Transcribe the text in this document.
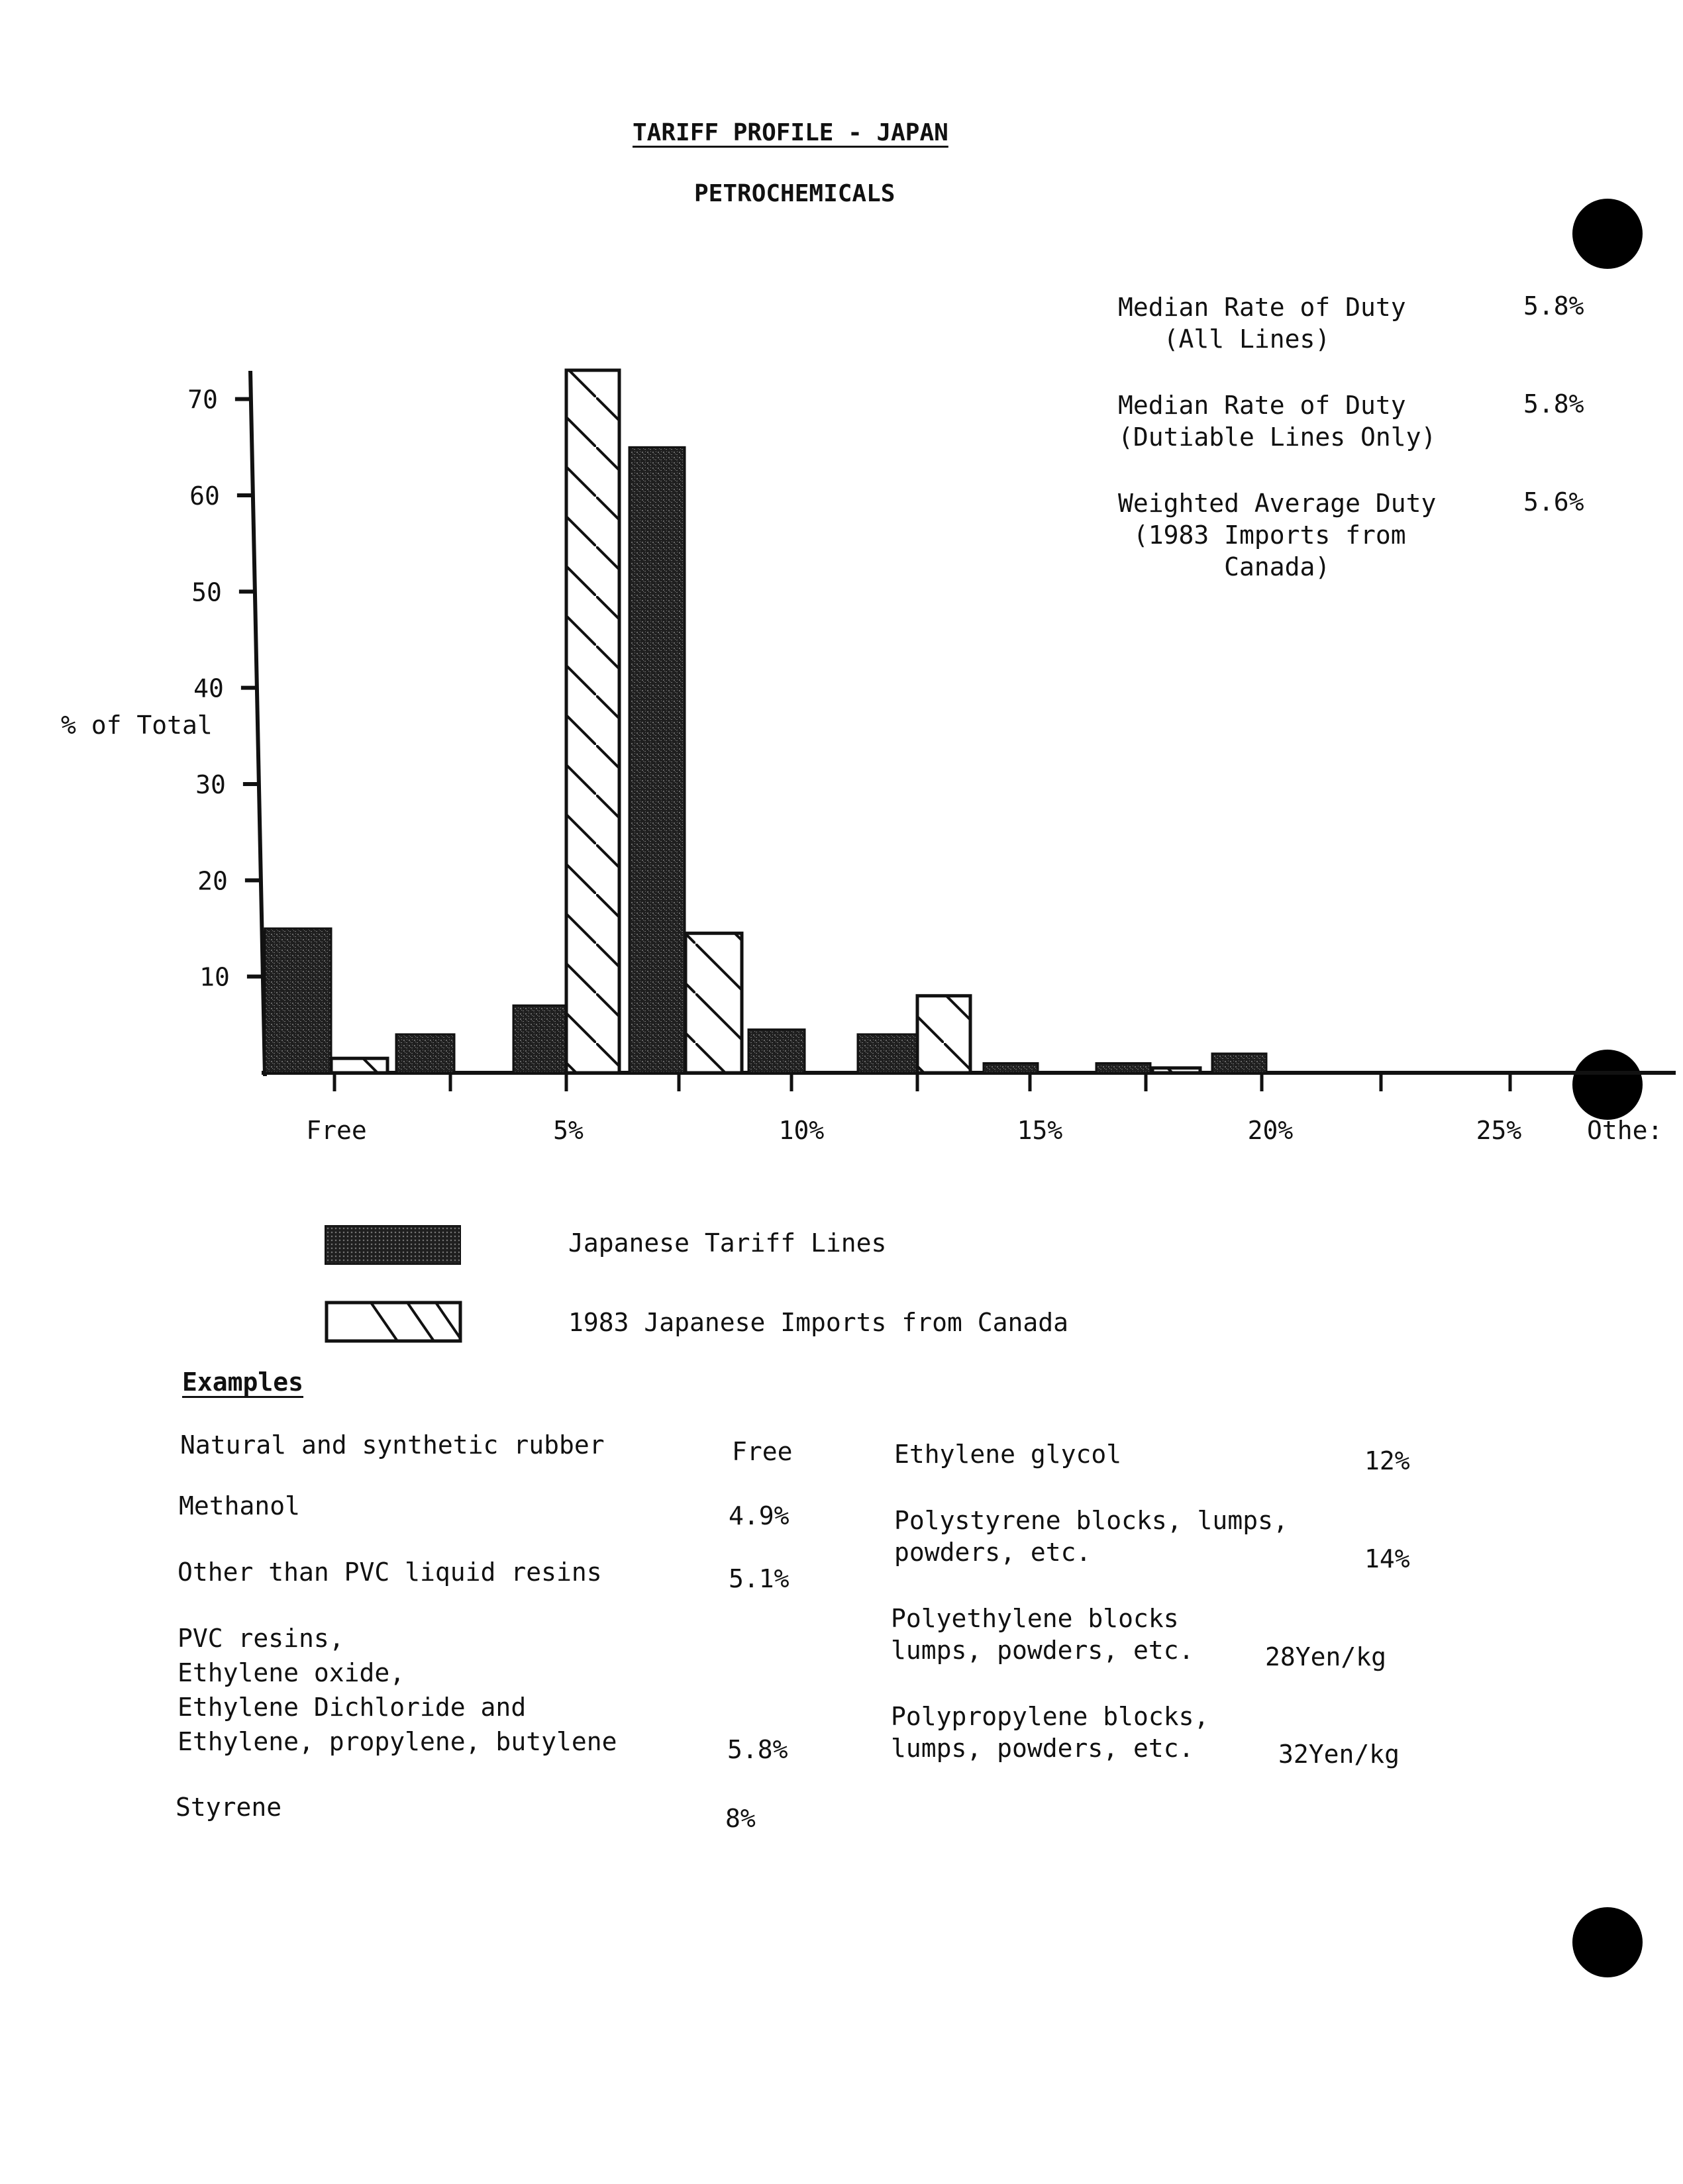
TARIFF PROFILE - JAPAN
PETROCHEMICALS
Median Rate of Duty
(All Lines)
5.8%
Median Rate of Duty
(Dutiable Lines Only)
5.8%
Weighted Average Duty
(1983 Imports from
Canada)
5.6%
10
20
30
40
50
60
70
% of Total
Free	5%	10%	15%	20%	25%	Othe:
Japanese Tariff Lines
1983 Japanese Imports from Canada
Examples
Natural and synthetic rubber	Free
Methanol	4.9%
Other than PVC liquid resins	5.1%
PVC resins,
Ethylene oxide,
Ethylene Dichloride and
Ethylene, propylene, butylene	5.8%
Styrene	8%
Ethylene glycol	12%
Polystyrene blocks, lumps,
powders, etc.	14%
Polyethylene blocks
lumps, powders, etc.	28Yen/kg
Polypropylene blocks,
lumps, powders, etc.	32Yen/kg
